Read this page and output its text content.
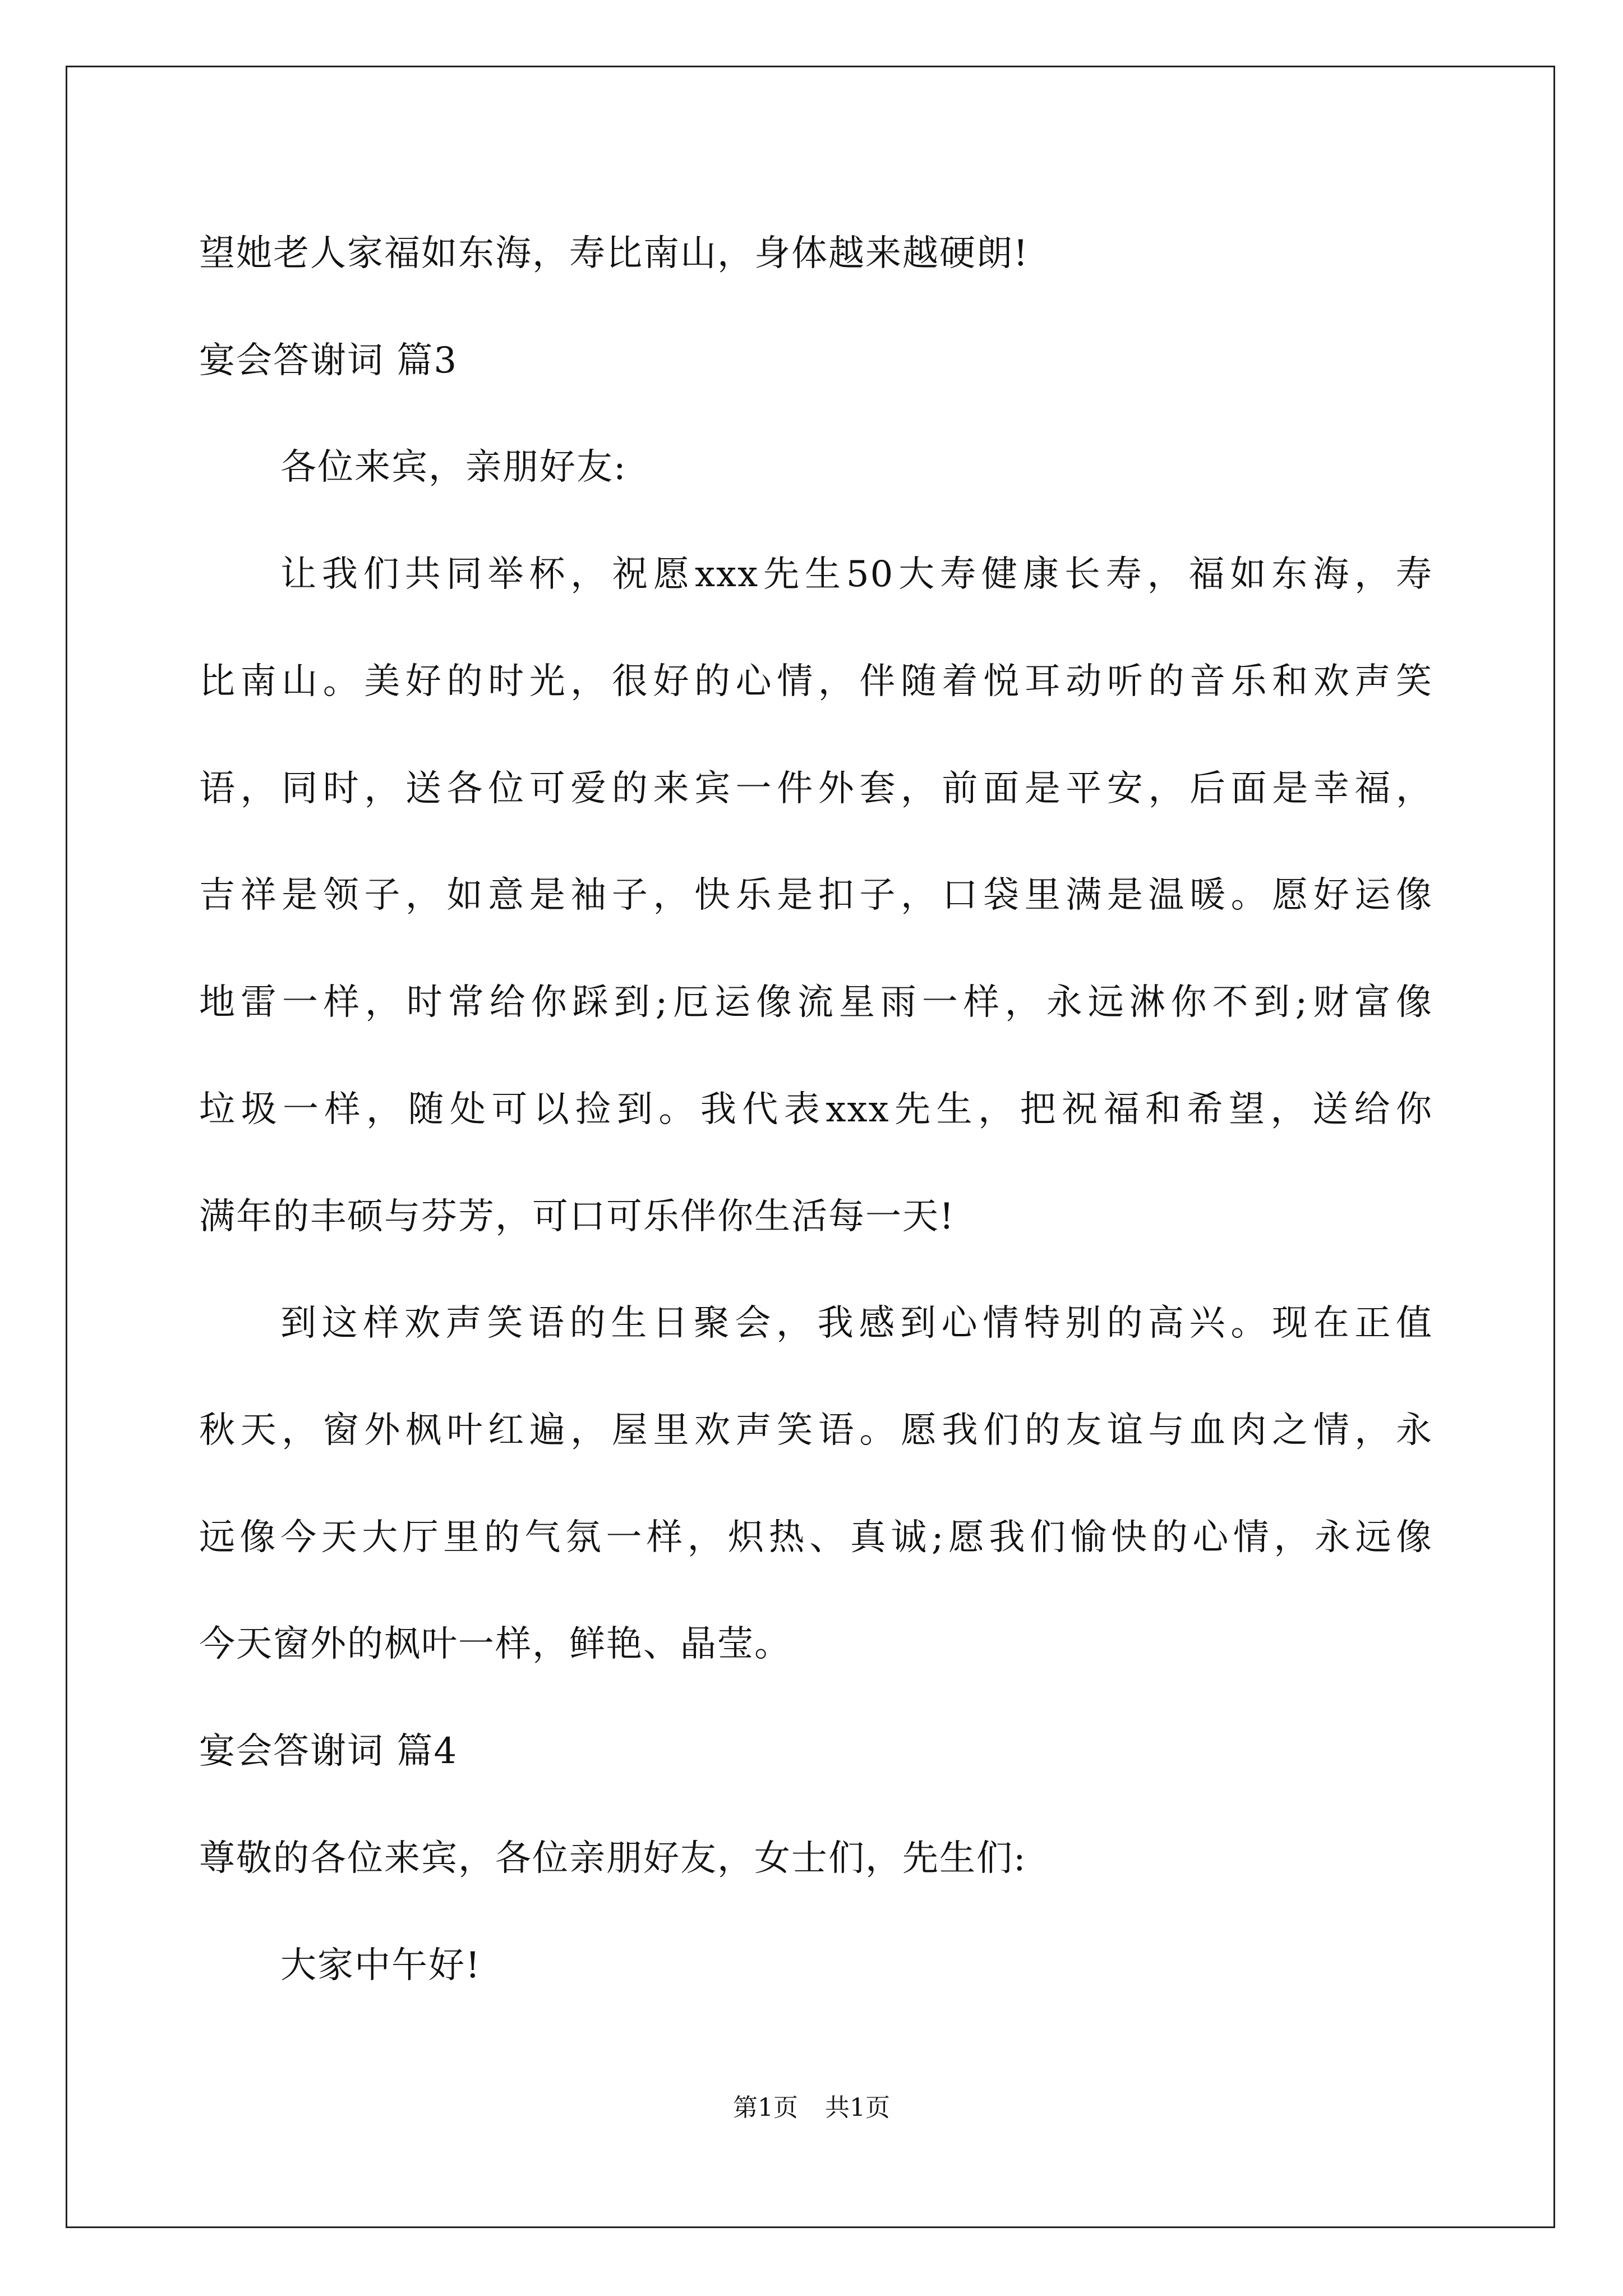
望她老人家福如东海，寿比南山，身体越来越硬朗!
宴会答谢词 篇3
各位来宾，亲朋好友:
让我们共同举杯，祝愿xxx先生50大寿健康长寿，福如东海，寿
比南山。美好的时光，很好的心情，伴随着悦耳动听的音乐和欢声笑
语，同时，送各位可爱的来宾一件外套，前面是平安，后面是幸福，
吉祥是领子，如意是袖子，快乐是扣子，口袋里满是温暖。愿好运像
地雷一样，时常给你踩到;厄运像流星雨一样，永远淋你不到;财富像
垃圾一样，随处可以捡到。我代表xxx先生，把祝福和希望，送给你
满年的丰硕与芬芳，可口可乐伴你生活每一天!
到这样欢声笑语的生日聚会，我感到心情特别的高兴。现在正值
秋天，窗外枫叶红遍，屋里欢声笑语。愿我们的友谊与血肉之情，永
远像今天大厅里的气氛一样，炽热、真诚;愿我们愉快的心情，永远像
今天窗外的枫叶一样，鲜艳、晶莹。
宴会答谢词 篇4
尊敬的各位来宾，各位亲朋好友，女士们，先生们:
大家中午好!
第1页 共1页
